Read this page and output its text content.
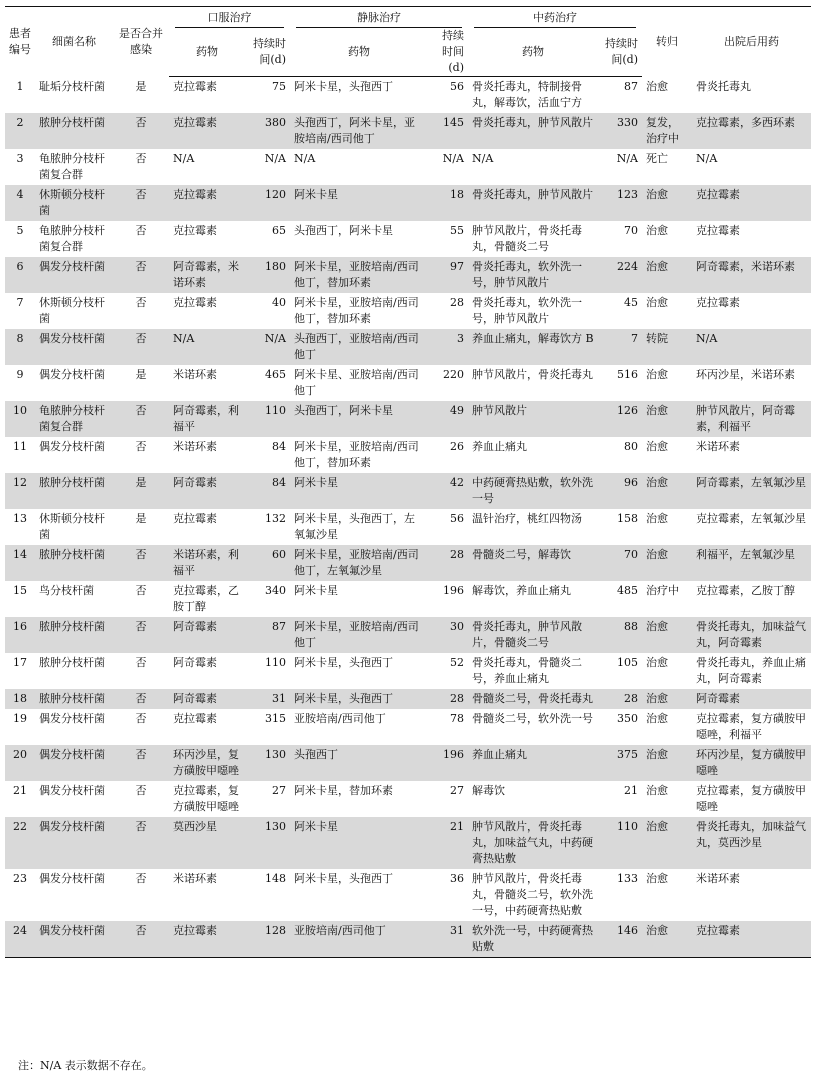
患者编号	细菌名称	是否合并感染	口服治疗		静脉治疗		中药治疗		转归	出院后用药
			药物	持续时间(d)	药物	持续时间(d)	药物	持续时间(d)		
1	耻垢分枝杆菌	是	克拉霉素	75	阿米卡星，头孢西丁	56	骨炎托毒丸，特制接骨丸，解毒饮，活血宁方	87	治愈	骨炎托毒丸
2	脓肿分枝杆菌	否	克拉霉素	380	头孢西丁，阿米卡星，亚胺培南/西司他丁	145	骨炎托毒丸，肿节风散片	330	复发，治疗中	克拉霉素，多西环素
3	龟脓肿分枝杆菌复合群	否	N/A	N/A	N/A	N/A	N/A	N/A	死亡	N/A
4	休斯顿分枝杆菌	否	克拉霉素	120	阿米卡星	18	骨炎托毒丸，肿节风散片	123	治愈	克拉霉素
5	龟脓肿分枝杆菌复合群	否	克拉霉素	65	头孢西丁，阿米卡星	55	肿节风散片，骨炎托毒丸，骨髓炎二号	70	治愈	克拉霉素
6	偶发分枝杆菌	否	阿奇霉素，米诺环素	180	阿米卡星，亚胺培南/西司他丁，替加环素	97	骨炎托毒丸，软外洗一号，肿节风散片	224	治愈	阿奇霉素，米诺环素
7	休斯顿分枝杆菌	否	克拉霉素	40	阿米卡星，亚胺培南/西司他丁，替加环素	28	骨炎托毒丸，软外洗一号，肿节风散片	45	治愈	克拉霉素
8	偶发分枝杆菌	否	N/A	N/A	头孢西丁，亚胺培南/西司他丁	3	养血止痛丸，解毒饮方 B	7	转院	N/A
9	偶发分枝杆菌	是	米诺环素	465	阿米卡星、亚胺培南/西司他丁	220	肿节风散片，骨炎托毒丸	516	治愈	环丙沙星，米诺环素
10	龟脓肿分枝杆菌复合群	否	阿奇霉素，利福平	110	头孢西丁，阿米卡星	49	肿节风散片	126	治愈	肿节风散片，阿奇霉素，利福平
11	偶发分枝杆菌	否	米诺环素	84	阿米卡星，亚胺培南/西司他丁，替加环素	26	养血止痛丸	80	治愈	米诺环素
12	脓肿分枝杆菌	是	阿奇霉素	84	阿米卡星	42	中药硬膏热贴敷，软外洗一号	96	治愈	阿奇霉素，左氧氟沙星
13	休斯顿分枝杆菌	是	克拉霉素	132	阿米卡星，头孢西丁，左氧氟沙星	56	温针治疗，桃红四物汤	158	治愈	克拉霉素，左氧氟沙星
14	脓肿分枝杆菌	否	米诺环素，利福平	60	阿米卡星，亚胺培南/西司他丁，左氧氟沙星	28	骨髓炎二号，解毒饮	70	治愈	利福平，左氧氟沙星
15	鸟分枝杆菌	否	克拉霉素，乙胺丁醇	340	阿米卡星	196	解毒饮，养血止痛丸	485	治疗中	克拉霉素，乙胺丁醇
16	脓肿分枝杆菌	否	阿奇霉素	87	阿米卡星，亚胺培南/西司他丁	30	骨炎托毒丸，肿节风散片，骨髓炎二号	88	治愈	骨炎托毒丸，加味益气丸，阿奇霉素
17	脓肿分枝杆菌	否	阿奇霉素	110	阿米卡星，头孢西丁	52	骨炎托毒丸，骨髓炎二号，养血止痛丸	105	治愈	骨炎托毒丸，养血止痛丸，阿奇霉素
18	脓肿分枝杆菌	否	阿奇霉素	31	阿米卡星，头孢西丁	28	骨髓炎二号，骨炎托毒丸	28	治愈	阿奇霉素
19	偶发分枝杆菌	否	克拉霉素	315	亚胺培南/西司他丁	78	骨髓炎二号，软外洗一号	350	治愈	克拉霉素，复方磺胺甲噁唑，利福平
20	偶发分枝杆菌	否	环丙沙星，复方磺胺甲噁唑	130	头孢西丁	196	养血止痛丸	375	治愈	环丙沙星，复方磺胺甲噁唑
21	偶发分枝杆菌	否	克拉霉素，复方磺胺甲噁唑	27	阿米卡星，替加环素	27	解毒饮	21	治愈	克拉霉素，复方磺胺甲噁唑
22	偶发分枝杆菌	否	莫西沙星	130	阿米卡星	21	肿节风散片，骨炎托毒丸，加味益气丸，中药硬膏热贴敷	110	治愈	骨炎托毒丸，加味益气丸，莫西沙星
23	偶发分枝杆菌	否	米诺环素	148	阿米卡星，头孢西丁	36	肿节风散片，骨炎托毒丸，骨髓炎二号，软外洗一号，中药硬膏热贴敷	133	治愈	米诺环素
24	偶发分枝杆菌	否	克拉霉素	128	亚胺培南/西司他丁	31	软外洗一号，中药硬膏热贴敷	146	治愈	克拉霉素
注：N/A 表示数据不存在。
